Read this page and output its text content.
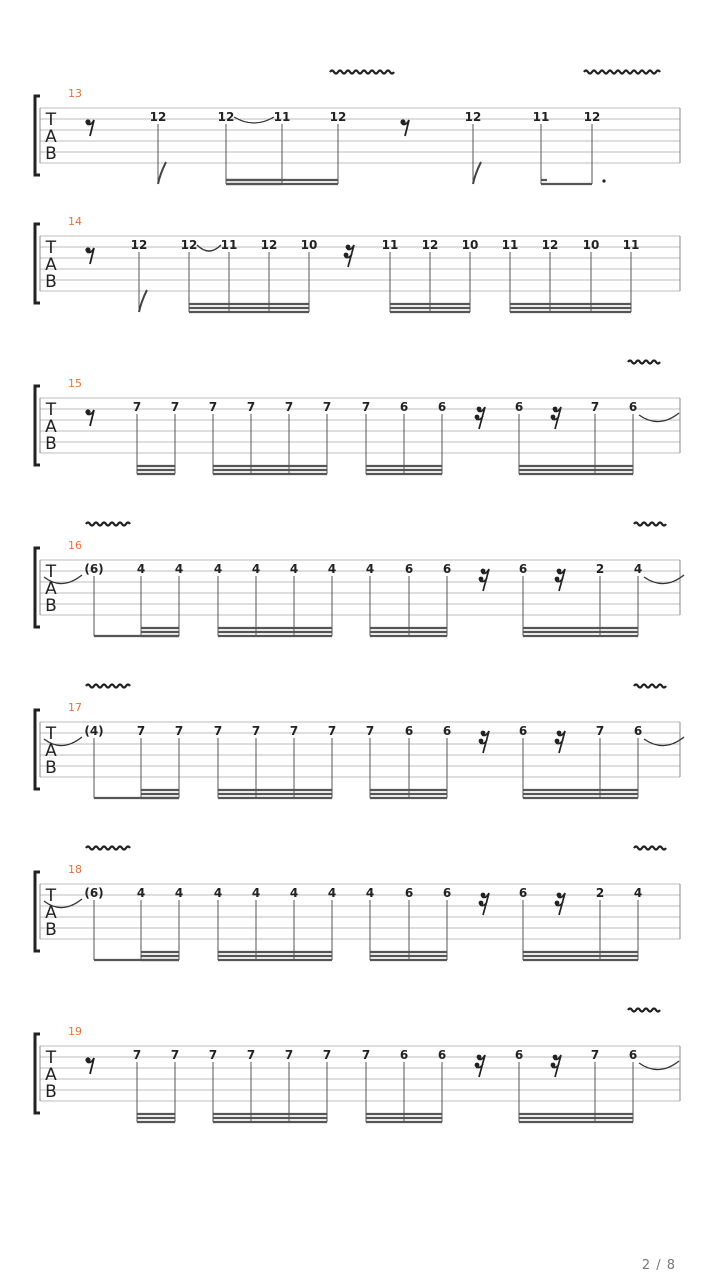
T
A
B
13
12	12	11	12	12	11	12
T
A
B
14
12	12 11 12 10	11 12 10 11 12 10 11
T
A
B
15
7 7 7 7 7 7	7 6 6	6	7 6
T
A
B
16
(6)	4 4	4 4 4 4 4	6 6	6	2 4
T
A
B
17
(4)	7 7	7 7 7 7 7	6 6	6	7 6
T
A
B
18
(6)	4 4	4 4 4 4 4	6 6	6	2 4
T
A
B
19
7 7 7 7 7 7	7 6 6	6	7 6
2 / 8
